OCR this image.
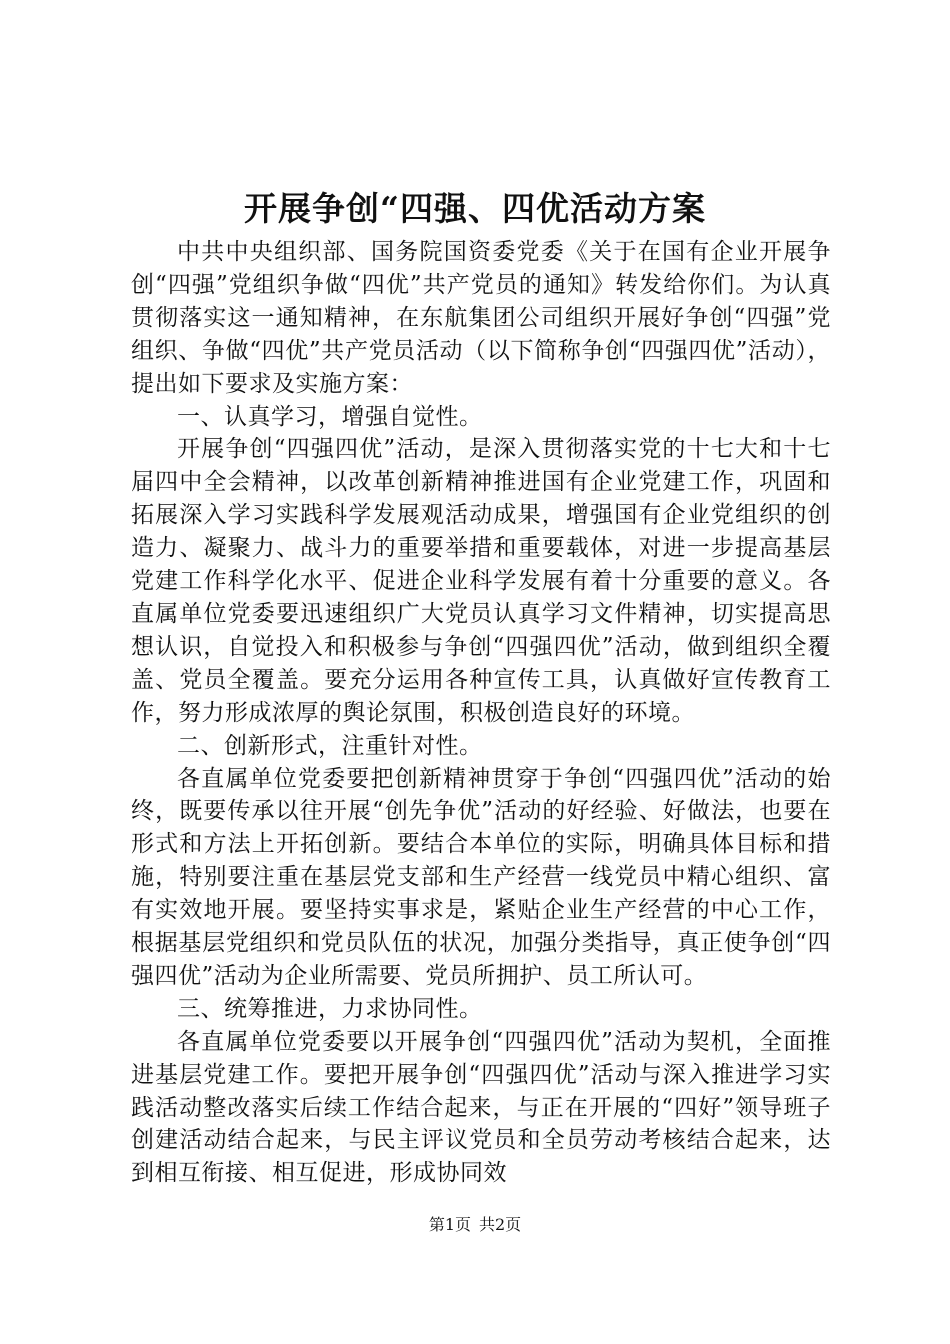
开展争创“四强、四优活动方案

中共中央组织部、国务院国资委党委《关于在国有企业开展争创“四强”党组织争做“四优”共产党员的通知》转发给你们。为认真贯彻落实这一通知精神，在东航集团公司组织开展好争创“四强”党组织、争做“四优”共产党员活动（以下简称争创“四强四优”活动），提出如下要求及实施方案：

一、认真学习，增强自觉性。

开展争创“四强四优”活动，是深入贯彻落实党的十七大和十七届四中全会精神，以改革创新精神推进国有企业党建工作，巩固和拓展深入学习实践科学发展观活动成果，增强国有企业党组织的创造力、凝聚力、战斗力的重要举措和重要载体，对进一步提高基层党建工作科学化水平、促进企业科学发展有着十分重要的意义。各直属单位党委要迅速组织广大党员认真学习文件精神，切实提高思想认识，自觉投入和积极参与争创“四强四优”活动，做到组织全覆盖、党员全覆盖。要充分运用各种宣传工具，认真做好宣传教育工作，努力形成浓厚的舆论氛围，积极创造良好的环境。

二、创新形式，注重针对性。

各直属单位党委要把创新精神贯穿于争创“四强四优”活动的始终，既要传承以往开展“创先争优”活动的好经验、好做法，也要在形式和方法上开拓创新。要结合本单位的实际，明确具体目标和措施，特别要注重在基层党支部和生产经营一线党员中精心组织、富有实效地开展。要坚持实事求是，紧贴企业生产经营的中心工作，根据基层党组织和党员队伍的状况，加强分类指导，真正使争创“四强四优”活动为企业所需要、党员所拥护、员工所认可。

三、统筹推进，力求协同性。

各直属单位党委要以开展争创“四强四优”活动为契机，全面推进基层党建工作。要把开展争创“四强四优”活动与深入推进学习实践活动整改落实后续工作结合起来，与正在开展的“四好”领导班子创建活动结合起来，与民主评议党员和全员劳动考核结合起来，达到相互衔接、相互促进，形成协同效

第1页 共2页
